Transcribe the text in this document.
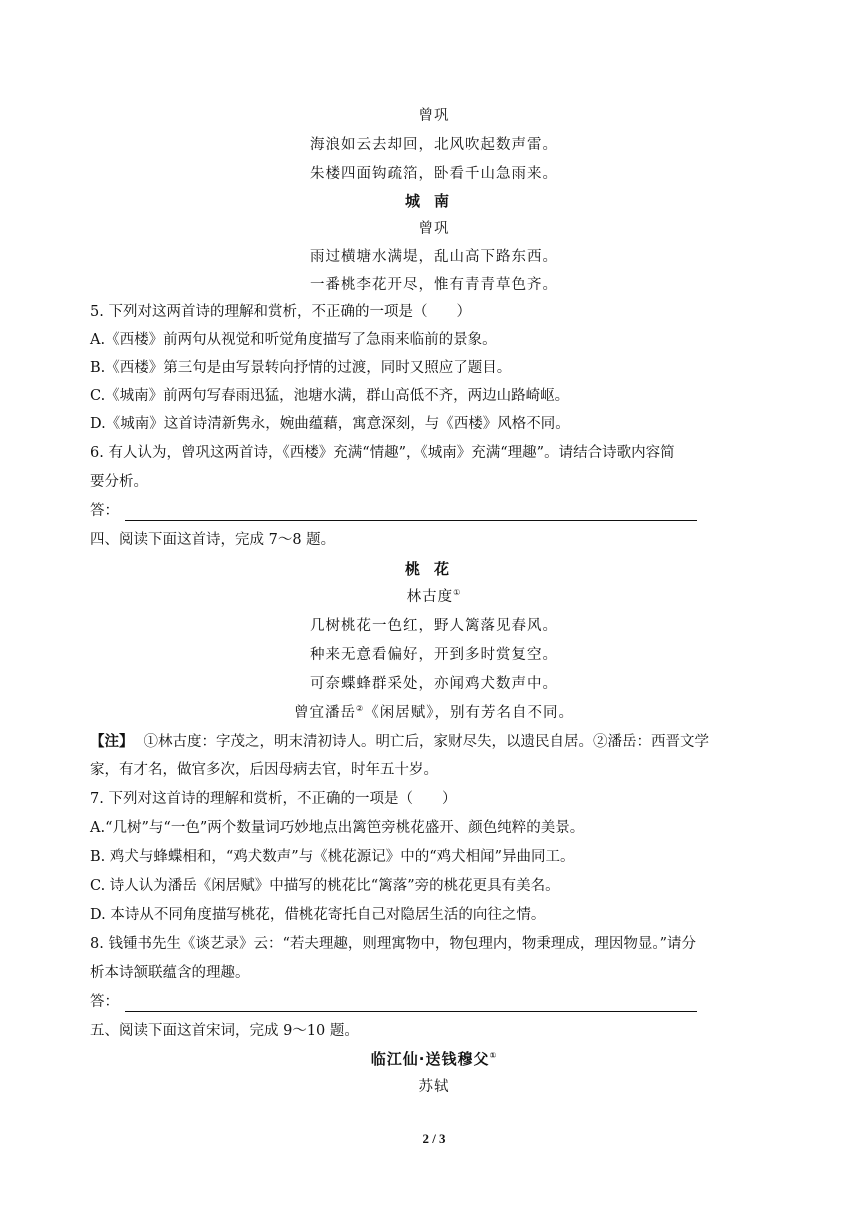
曾巩
海浪如云去却回，北风吹起数声雷。
朱楼四面钩疏箔，卧看千山急雨来。
城南
曾巩
雨过横塘水满堤，乱山高下路东西。
一番桃李花开尽，惟有青青草色齐。
5. 下列对这两首诗的理解和赏析，不正确的一项是（　　）
A.《西楼》前两句从视觉和听觉角度描写了急雨来临前的景象。
B.《西楼》第三句是由写景转向抒情的过渡，同时又照应了题目。
C.《城南》前两句写春雨迅猛，池塘水满，群山高低不齐，两边山路崎岖。
D.《城南》这首诗清新隽永，婉曲蕴藉，寓意深刻，与《西楼》风格不同。
6. 有人认为，曾巩这两首诗，《西楼》充满“情趣”，《城南》充满“理趣”。请结合诗歌内容简
要分析。
答：
四、阅读下面这首诗，完成 7～8 题。
桃花
林古度①
几树桃花一色红，野人篱落见春风。
种来无意看偏好，开到多时赏复空。
可奈蝶蜂群采处，亦闻鸡犬数声中。
曾宜潘岳②《闲居赋》，别有芳名自不同。
【注】 ①林古度：字茂之，明末清初诗人。明亡后，家财尽失，以遗民自居。②潘岳：西晋文学
家，有才名，做官多次，后因母病去官，时年五十岁。
7. 下列对这首诗的理解和赏析，不正确的一项是（　　）
A.“几树”与“一色”两个数量词巧妙地点出篱笆旁桃花盛开、颜色纯粹的美景。
B. 鸡犬与蜂蝶相和，“鸡犬数声”与《桃花源记》中的“鸡犬相闻”异曲同工。
C. 诗人认为潘岳《闲居赋》中描写的桃花比“篱落”旁的桃花更具有美名。
D. 本诗从不同角度描写桃花，借桃花寄托自己对隐居生活的向往之情。
8. 钱锺书先生《谈艺录》云：“若夫理趣，则理寓物中，物包理内，物秉理成，理因物显。”请分
析本诗颔联蕴含的理趣。
答：
五、阅读下面这首宋词，完成 9～10 题。
临江仙·送钱穆父①
苏轼
2 / 3
